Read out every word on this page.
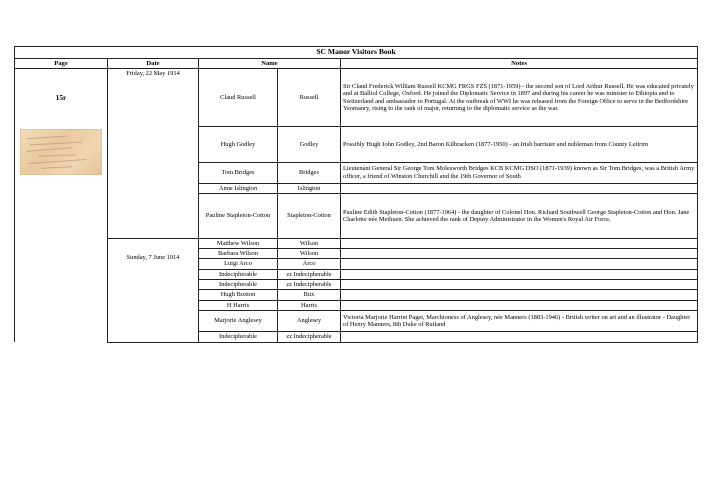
SC Manor Visitors Book				
Page	Date	Name		Notes

15r	Friday, 22 May 1914	Claud Russell	Russell	Sir Claud Frederick William Russell KCMG FRGS FZS (1871-1959) - the second son of Lord Arthur Russell. He was educated privately and at Balliol College, Oxford. He joined the Diplomatic Service in 1897 and during his career he was minister to Ethiopia and to Switzerland and ambassador to Portugal. At the outbreak of WWI he was released from the Foreign Office to serve in the Bedfordshire Yeomanry, rising to the rank of major, returning to the diplomatic service as the war.

		Hugh Godley	Godley	Possibly Hugh John Godley, 2nd Baron Kilbracken (1877-1950) - an Irish barrister and nobleman from County Leitrim
		Tom Bridges	Bridges	Lieutenant General Sir George Tom Molesworth Bridges KCB KCMG DSO (1871-1939) known as Sir Tom Bridges, was a British Army officer, a friend of Winston Churchill and the 19th Governor of South
		Anne Islington	Islington	
		Pauline Stapleton-Cotton	Stapleton-Cotton	Pauline Edith Stapleton-Cotton (1877-1964) - the daughter of Colonel Hon. Richard Southwell George Stapleton-Cotton and Hon. Jane Charlotte née Methuen. She achieved the rank of Deputy Administrator in the Women's Royal Air Force.
	Sunday, 7 June 1914	Matthew Wilson	Wilson	
		Barbara Wilson	Wilson	
		Luigi Arco	Arco	
		Indecipherable	zz Indecipherable	
		Indecipherable	zz Indecipherable	
		Hugh Buxton	Bux	
		H Harris	Harris	
		Marjorie Anglesey	Anglesey	Victoria Marjorie Harriet Paget, Marchioness of Anglesey, née Manners (1883-1946) - British writer on art and an illustrator - Daughter of Henry Manners, 8th Duke of Rutland
		Indecipherable	zz Indecipherable	
